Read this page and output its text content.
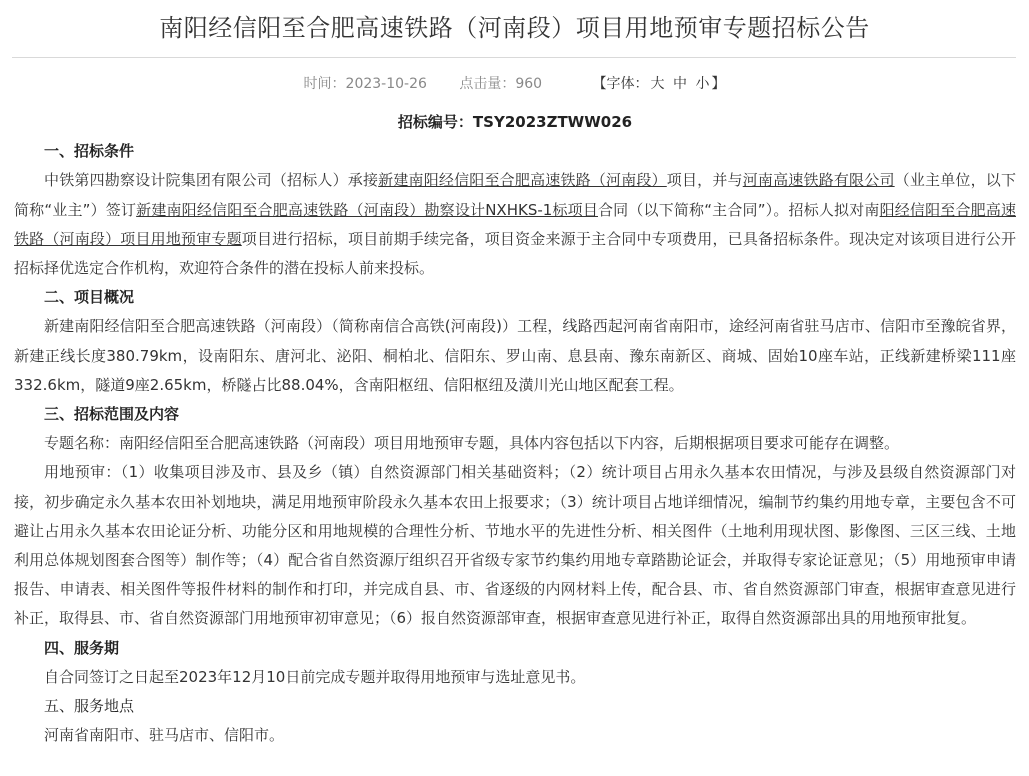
南阳经信阳至合肥高速铁路（河南段）项目用地预审专题招标公告
时间：2023-10-26 点击量：960	【字体： 大 中 小 】

招标编号：TSY2023ZTWW026

一、招标条件

中铁第四勘察设计院集团有限公司（招标人）承接新建南阳经信阳至合肥高速铁路（河南段）项目，并与河南高速铁路有限公司（业主单位，以下简称“业主”）签订新建南阳经信阳至合肥高速铁路（河南段）勘察设计NXHKS-1标项目合同（以下简称“主合同”）。招标人拟对南阳经信阳至合肥高速铁路（河南段）项目用地预审专题项目进行招标，项目前期手续完备，项目资金来源于主合同中专项费用，已具备招标条件。现决定对该项目进行公开招标择优选定合作机构，欢迎符合条件的潜在投标人前来投标。

二、项目概况

新建南阳经信阳至合肥高速铁路（河南段）（简称南信合高铁(河南段)）工程，线路西起河南省南阳市，途经河南省驻马店市、信阳市至豫皖省界，新建正线长度380.79km，设南阳东、唐河北、泌阳、桐柏北、信阳东、罗山南、息县南、豫东南新区、商城、固始10座车站，正线新建桥梁111座332.6km，隧道9座2.65km，桥隧占比88.04%，含南阳枢纽、信阳枢纽及潢川光山地区配套工程。

三、招标范围及内容

专题名称：南阳经信阳至合肥高速铁路（河南段）项目用地预审专题，具体内容包括以下内容，后期根据项目要求可能存在调整。

用地预审：（1）收集项目涉及市、县及乡（镇）自然资源部门相关基础资料；（2）统计项目占用永久基本农田情况，与涉及县级自然资源部门对接，初步确定永久基本农田补划地块，满足用地预审阶段永久基本农田上报要求；（3）统计项目占地详细情况，编制节约集约用地专章，主要包含不可避让占用永久基本农田论证分析、功能分区和用地规模的合理性分析、节地水平的先进性分析、相关图件（土地利用现状图、影像图、三区三线、土地利用总体规划图套合图等）制作等；（4）配合省自然资源厅组织召开省级专家节约集约用地专章踏勘论证会，并取得专家论证意见；（5）用地预审申请报告、申请表、相关图件等报件材料的制作和打印，并完成自县、市、省逐级的内网材料上传，配合县、市、省自然资源部门审查，根据审查意见进行补正，取得县、市、省自然资源部门用地预审初审意见；（6）报自然资源部审查，根据审查意见进行补正，取得自然资源部出具的用地预审批复。

四、服务期

自合同签订之日起至2023年12月10日前完成专题并取得用地预审与选址意见书。

五、服务地点

河南省南阳市、驻马店市、信阳市。
